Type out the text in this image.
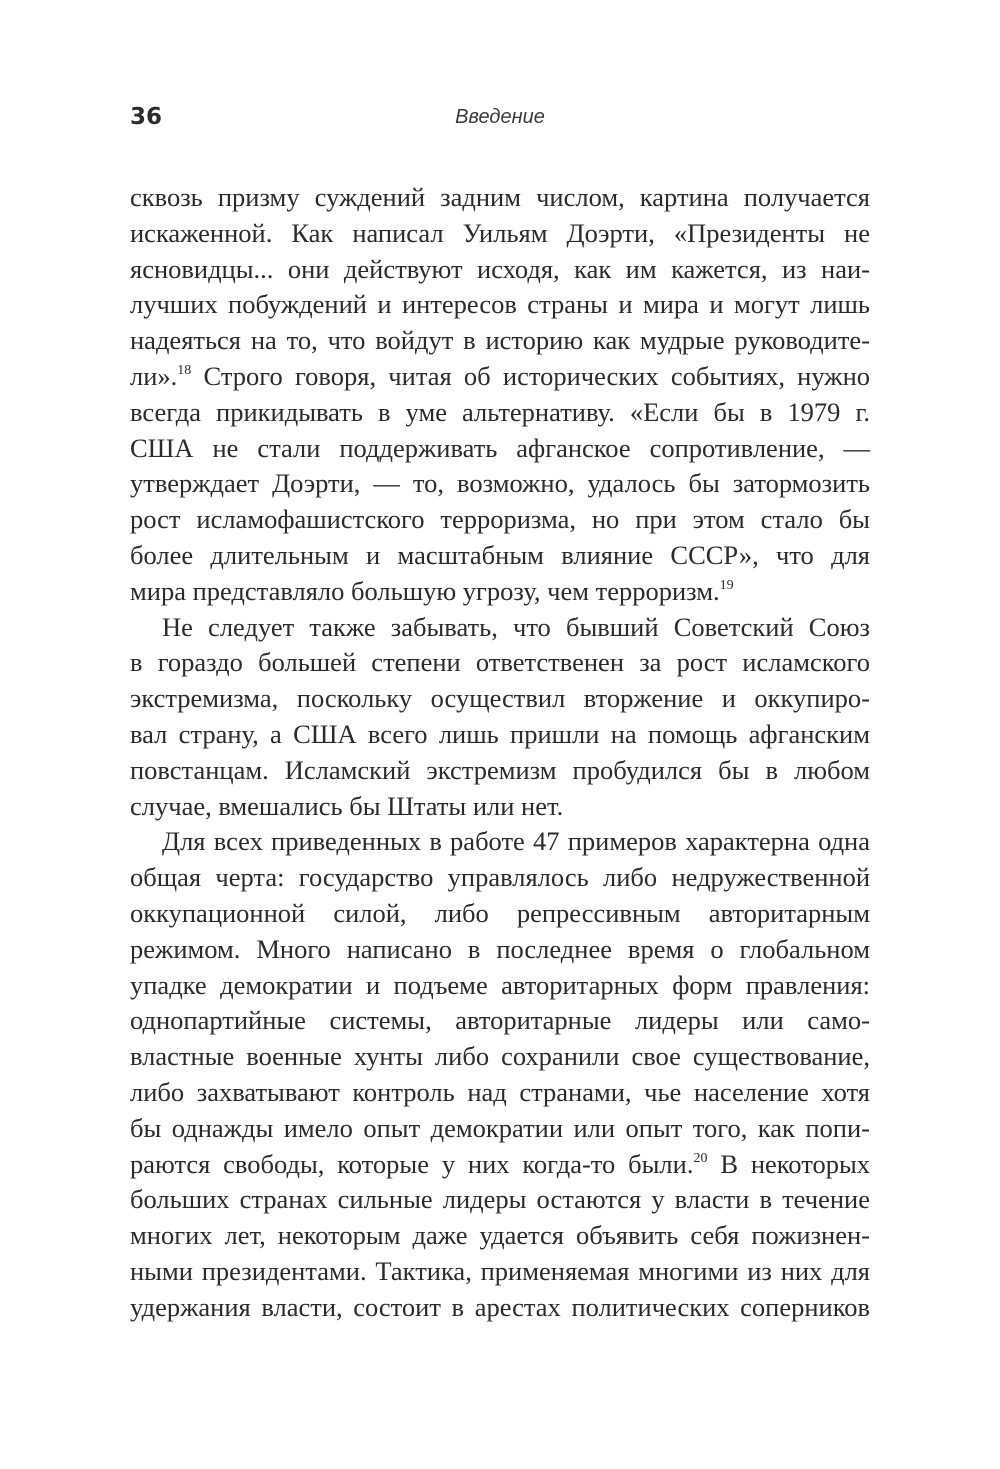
36	Введение

сквозь призму суждений задним числом, картина получается
искаженной. Как написал Уильям Доэрти, «Президенты не
ясновидцы... они действуют исходя, как им кажется, из наи-
лучших побуждений и интересов страны и мира и могут лишь
надеяться на то, что войдут в историю как мудрые руководите-
ли».$^{18}$ Строго говоря, читая об исторических событиях, нужно
всегда прикидывать в уме альтернативу. «Если бы в 1979 г.
США не стали поддерживать афганское сопротивление, —
утверждает Доэрти, — то, возможно, удалось бы затормозить
рост исламофашистского терроризма, но при этом стало бы
более длительным и масштабным влияние СССР», что для
мира представляло большую угрозу, чем терроризм.$^{19}$

Не следует также забывать, что бывший Советский Союз
в гораздо большей степени ответственен за рост исламского
экстремизма, поскольку осуществил вторжение и оккупиро-
вал страну, а США всего лишь пришли на помощь афганским
повстанцам. Исламский экстремизм пробудился бы в любом
случае, вмешались бы Штаты или нет.

Для всех приведенных в работе 47 примеров характерна одна
общая черта: государство управлялось либо недружественной
оккупационной силой, либо репрессивным авторитарным
режимом. Много написано в последнее время о глобальном
упадке демократии и подъеме авторитарных форм правления:
однопартийные системы, авторитарные лидеры или само-
властные военные хунты либо сохранили свое существование,
либо захватывают контроль над странами, чье население хотя
бы однажды имело опыт демократии или опыт того, как попи-
раются свободы, которые у них когда-то были.$^{20}$ В некоторых
больших странах сильные лидеры остаются у власти в течение
многих лет, некоторым даже удается объявить себя пожизнен-
ными президентами. Тактика, применяемая многими из них для
удержания власти, состоит в арестах политических соперников
